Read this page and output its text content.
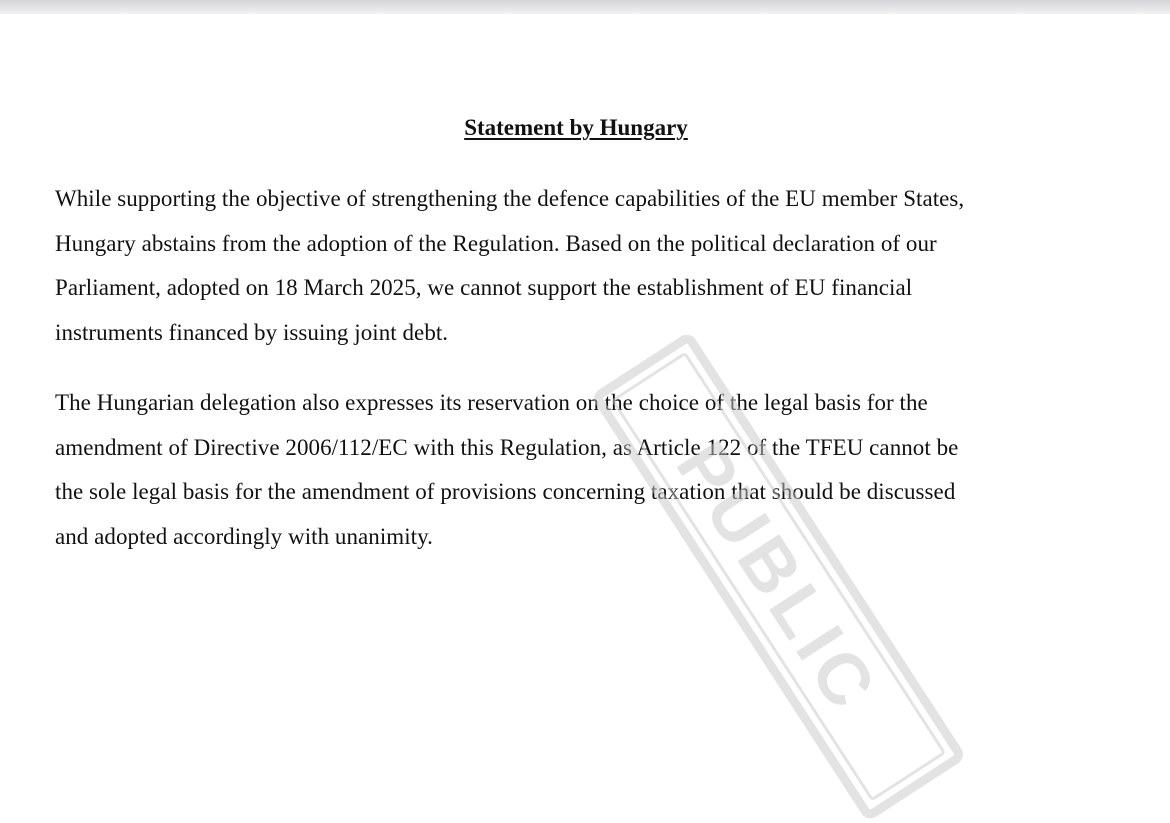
Statement by Hungary

While supporting the objective of strengthening the defence capabilities of the EU member States,
Hungary abstains from the adoption of the Regulation. Based on the political declaration of our
Parliament, adopted on 18 March 2025, we cannot support the establishment of EU financial
instruments financed by issuing joint debt.

The Hungarian delegation also expresses its reservation on the choice of the legal basis for the
amendment of Directive 2006/112/EC with this Regulation, as Article 122 of the TFEU cannot be
the sole legal basis for the amendment of provisions concerning taxation that should be discussed
and adopted accordingly with unanimity.	PUBLIC
